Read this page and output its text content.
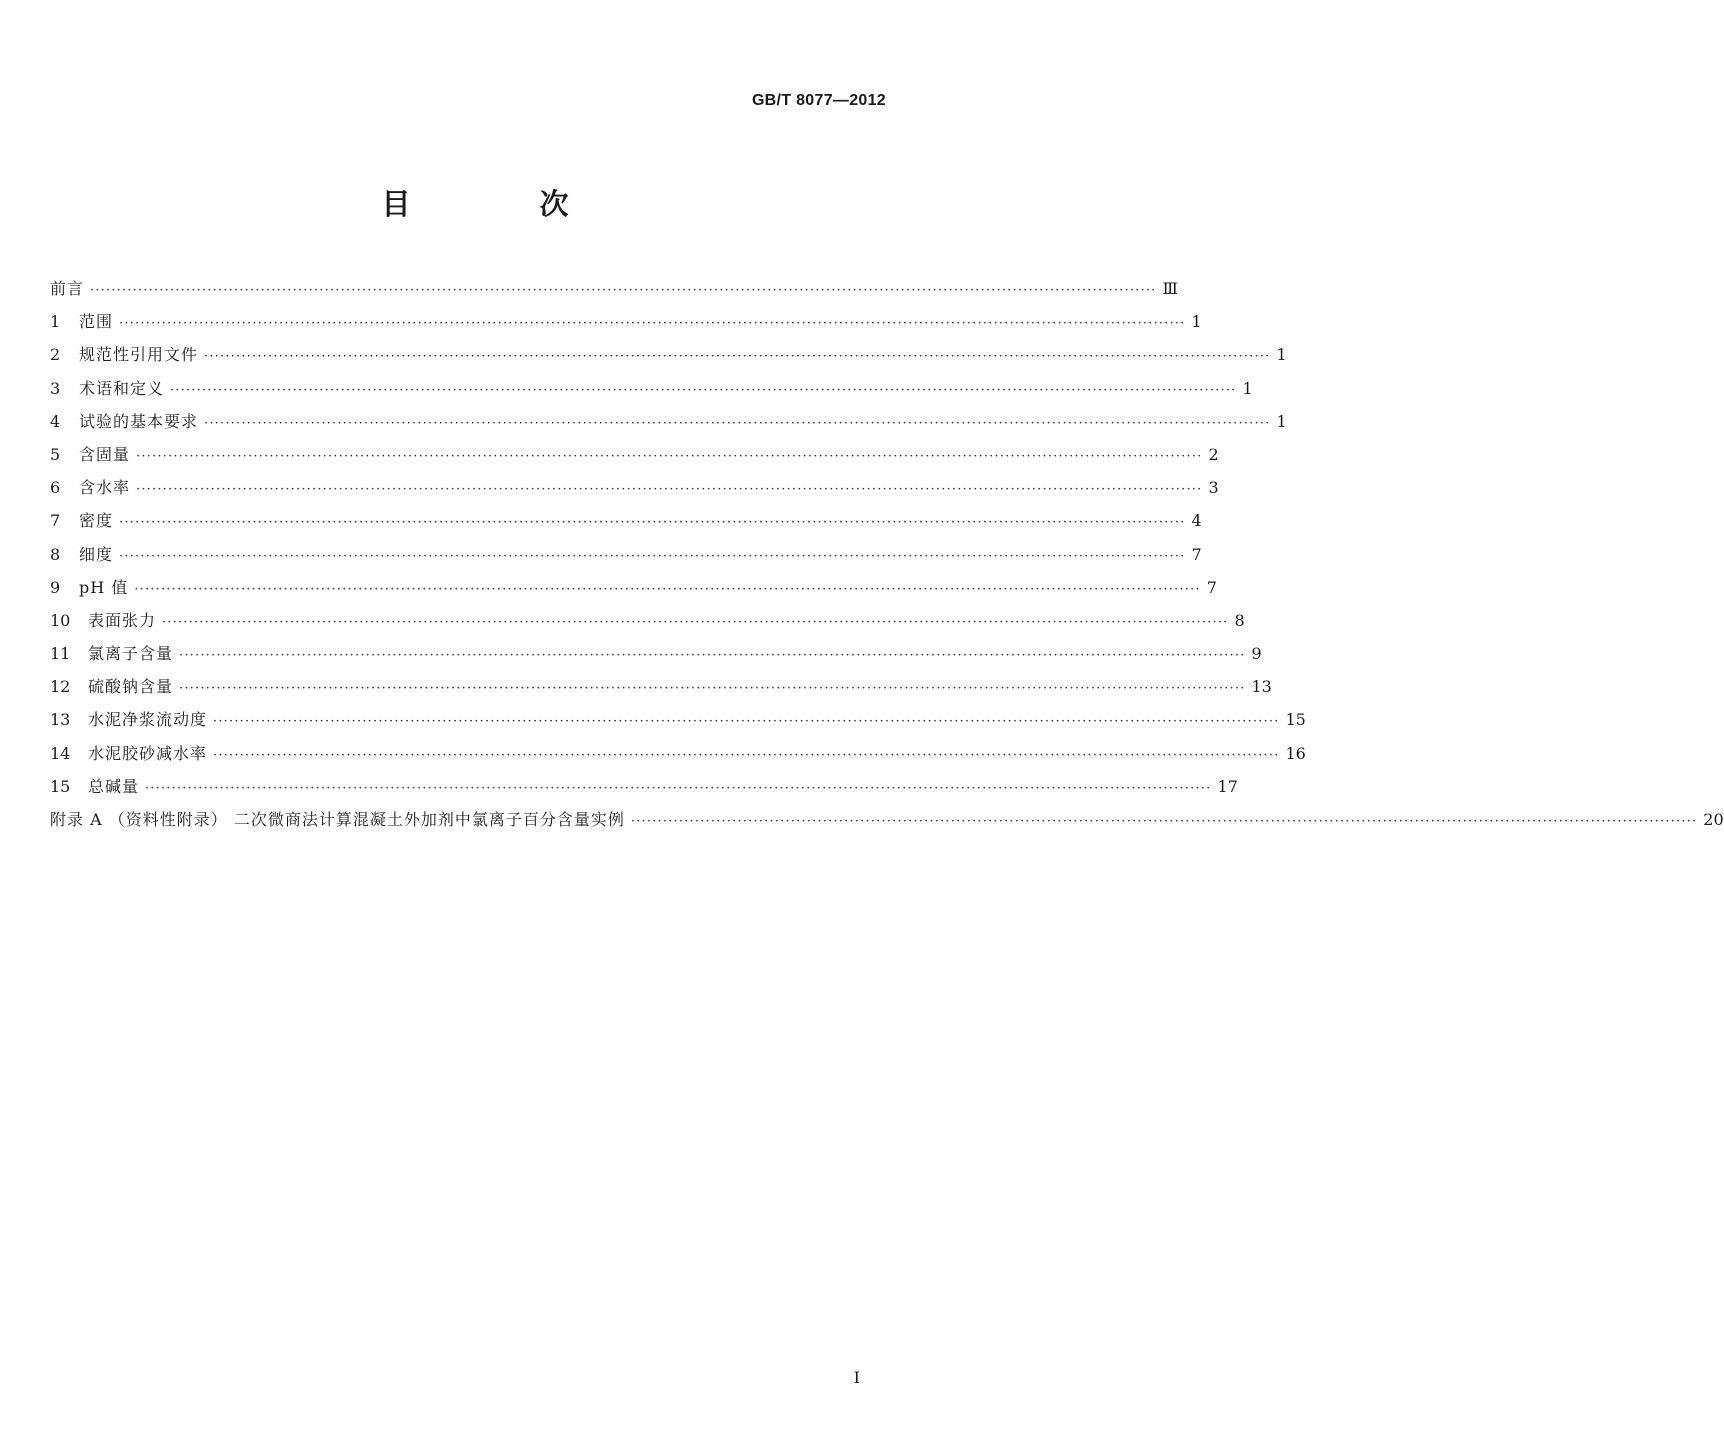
GB/T 8077—2012
目　次
前言 ········································································································································································································ Ⅲ
1	范围 ········································································································································································································ 1
2	规范性引用文件 ········································································································································································································ 1
3	术语和定义 ········································································································································································································ 1
4	试验的基本要求 ········································································································································································································ 1
5	含固量 ········································································································································································································ 2
6	含水率 ········································································································································································································ 3
7	密度 ········································································································································································································ 4
8	细度 ········································································································································································································ 7
9	pH 值 ········································································································································································································ 7
10	表面张力 ········································································································································································································ 8
11	氯离子含量 ········································································································································································································ 9
12	硫酸钠含量 ········································································································································································································ 13
13	水泥净浆流动度 ········································································································································································································ 15
14	水泥胶砂减水率 ········································································································································································································ 16
15	总碱量 ········································································································································································································ 17
附录 A （资料性附录） 二次微商法计算混凝土外加剂中氯离子百分含量实例 ········································································································································································································ 20
I
